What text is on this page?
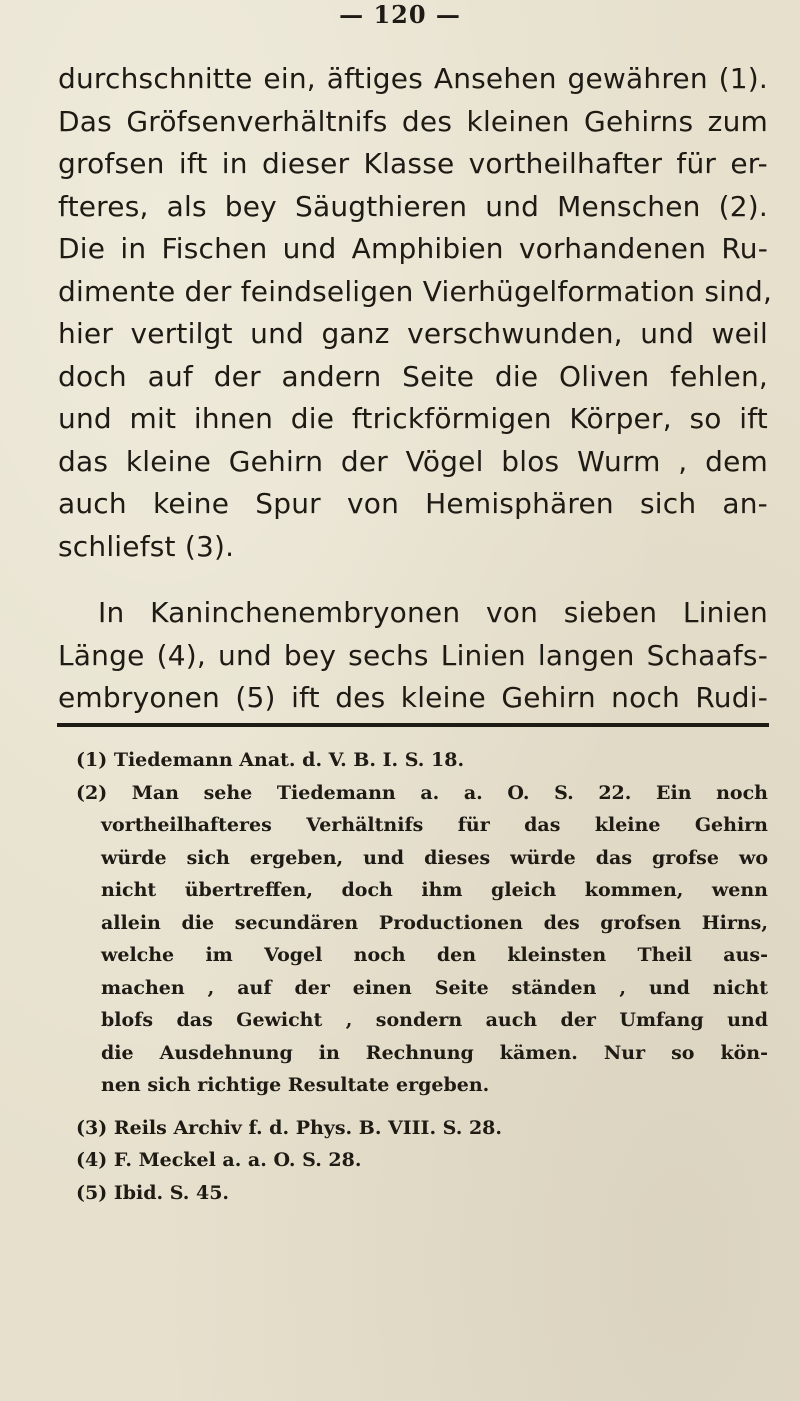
— 120 —
durchschnitte ein, äftiges Ansehen gewähren (1).
Das Gröfsenverhältnifs des kleinen Gehirns zum
grofsen ift in dieser Klasse vortheilhafter für er-
fteres, als bey Säugthieren und Menschen (2).
Die in Fischen und Amphibien vorhandenen Ru-
dimente der feindseligen Vierhügelformation sind,
hier vertilgt und ganz verschwunden, und weil
doch auf der andern Seite die Oliven fehlen,
und mit ihnen die ftrickförmigen Körper, so ift
das kleine Gehirn der Vögel blos Wurm , dem
auch keine Spur von Hemisphären sich an-
schliefst (3).
In Kaninchenembryonen von sieben Linien
Länge (4), und bey sechs Linien langen Schaafs-
embryonen (5) ift des kleine Gehirn noch Rudi-
(1) Tiedemann Anat. d. V. B. I. S. 18.
(2) Man sehe Tiedemann a. a. O. S. 22. Ein noch
vortheilhafteres Verhältnifs für das kleine Gehirn
würde sich ergeben, und dieses würde das grofse wo
nicht übertreffen, doch ihm gleich kommen, wenn
allein die secundären Productionen des grofsen Hirns,
welche im Vogel noch den kleinsten Theil aus-
machen , auf der einen Seite ständen , und nicht
blofs das Gewicht , sondern auch der Umfang und
die Ausdehnung in Rechnung kämen. Nur so kön-
nen sich richtige Resultate ergeben.
(3) Reils Archiv f. d. Phys. B. VIII. S. 28.
(4) F. Meckel a. a. O. S. 28.
(5) Ibid. S. 45.
